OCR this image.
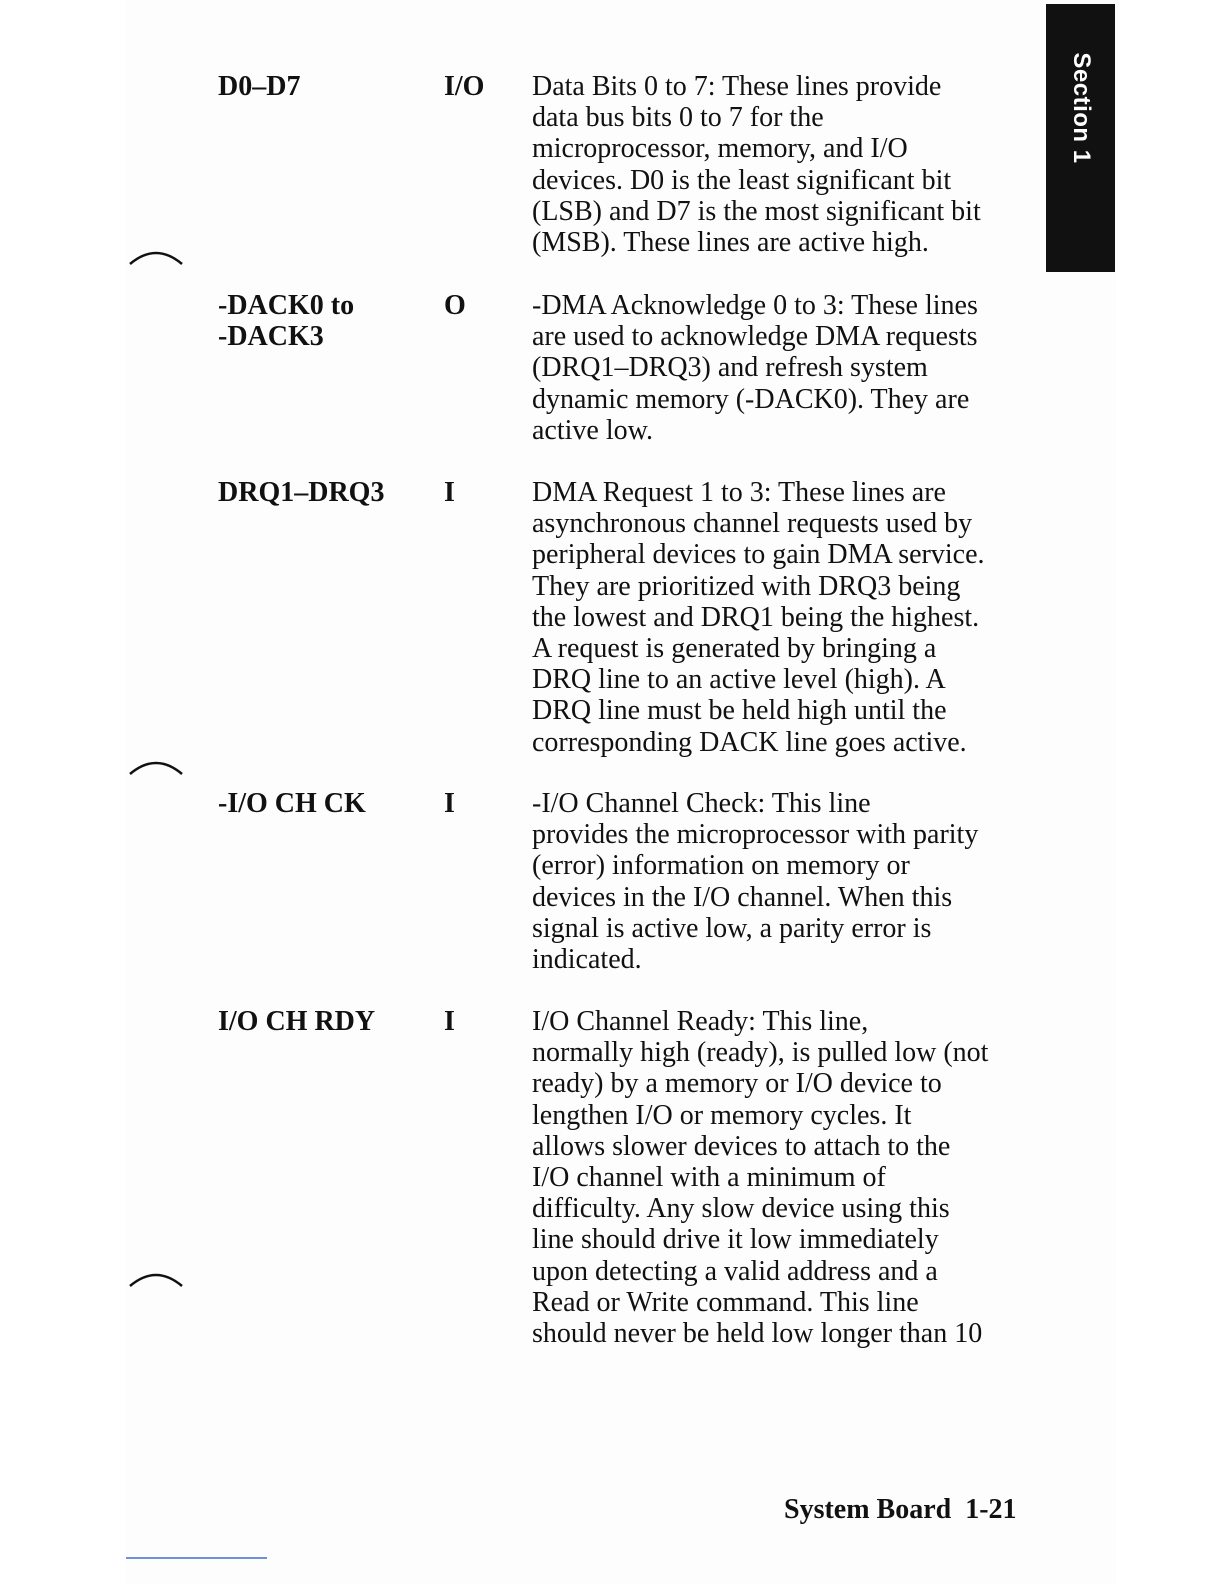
Section 1
D0–D7	I/O Data Bits 0 to 7: These lines provide
data bus bits 0 to 7 for the
microprocessor, memory, and I/O
devices. D0 is the least significant bit
(LSB) and D7 is the most significant bit
(MSB). These lines are active high.
-DACK0 to
-DACK3
O -DMA Acknowledge 0 to 3: These lines
are used to acknowledge DMA requests
(DRQ1–DRQ3) and refresh system
dynamic memory (-DACK0). They are
active low.
DRQ1–DRQ3	I	DMA Request 1 to 3: These lines are
asynchronous channel requests used by
peripheral devices to gain DMA service.
They are prioritized with DRQ3 being
the lowest and DRQ1 being the highest.
A request is generated by bringing a
DRQ line to an active level (high). A
DRQ line must be held high until the
corresponding DACK line goes active.
-I/O CH CK	I	-I/O Channel Check: This line
provides the microprocessor with parity
(error) information on memory or
devices in the I/O channel. When this
signal is active low, a parity error is
indicated.
I/O CH RDY	I	I/O Channel Ready: This line,
normally high (ready), is pulled low (not
ready) by a memory or I/O device to
lengthen I/O or memory cycles. It
allows slower devices to attach to the
I/O channel with a minimum of
difficulty. Any slow device using this
line should drive it low immediately
upon detecting a valid address and a
Read or Write command. This line
should never be held low longer than 10
System Board 1-21
